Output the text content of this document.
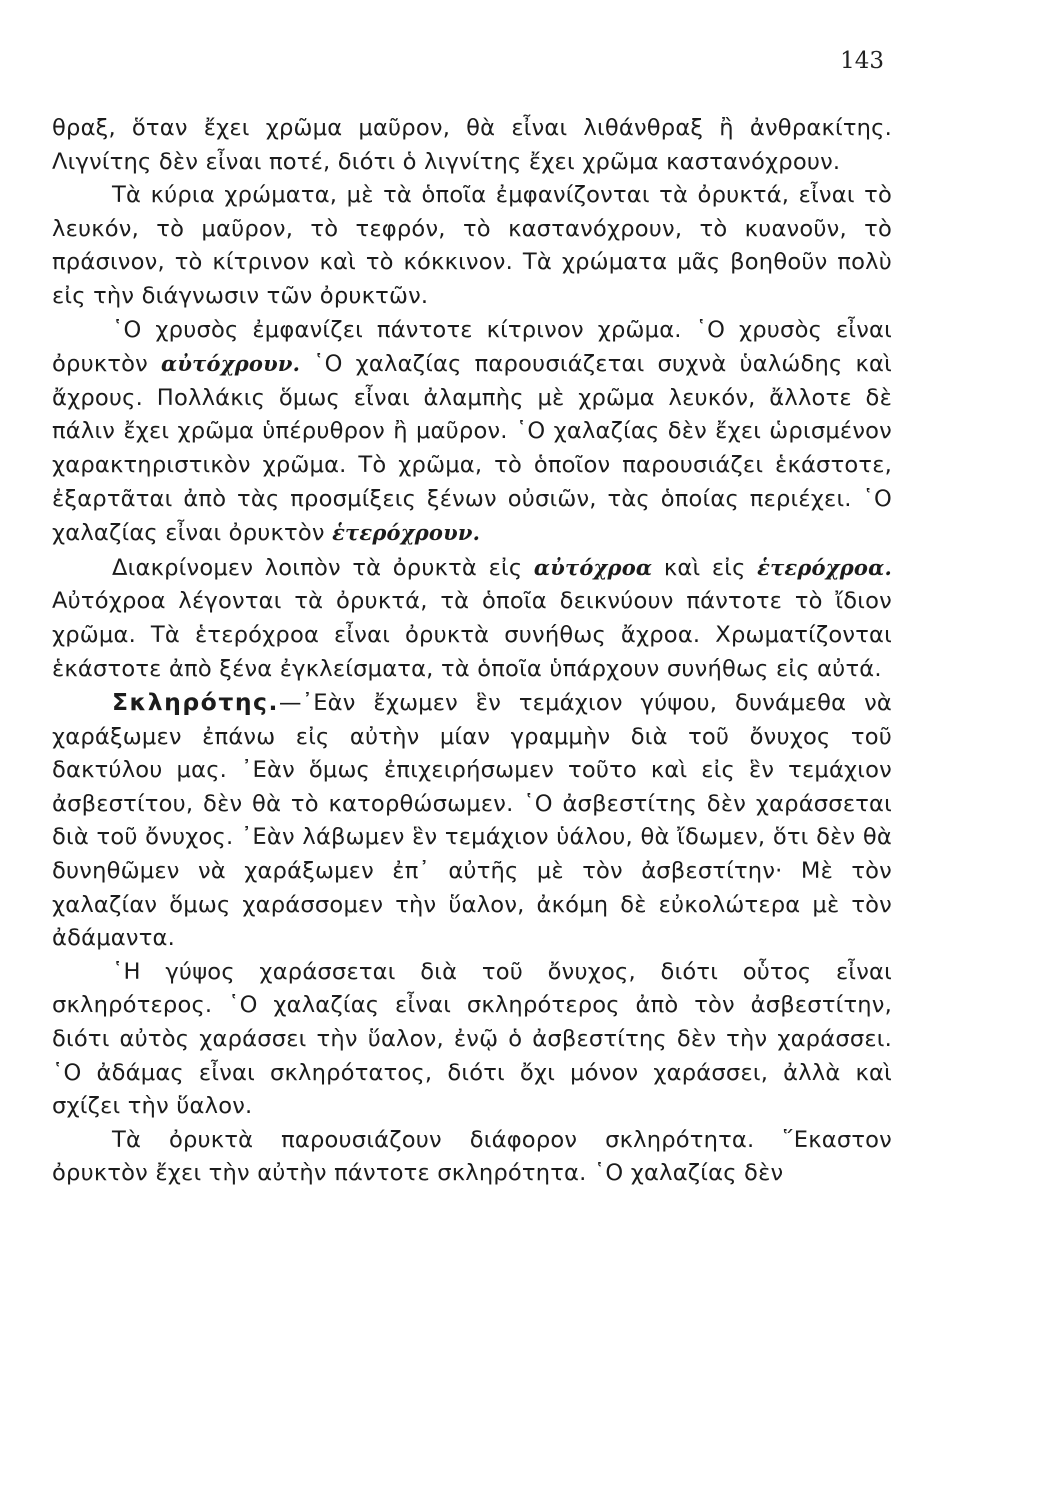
143

θραξ, ὅταν ἔχει χρῶμα μαῦρον, θὰ εἶναι λιθάνθραξ ἢ ἀνθρακίτης. Λιγνίτης δὲν εἶναι ποτέ, διότι ὁ λιγνίτης ἔχει χρῶμα καστανόχρουν.

Τὰ κύρια χρώματα, μὲ τὰ ὁποῖα ἐμφανίζονται τὰ ὀρυκτά, εἶναι τὸ λευκόν, τὸ μαῦρον, τὸ τεφρόν, τὸ καστανόχρουν, τὸ κυανοῦν, τὸ πράσινον, τὸ κίτρινον καὶ τὸ κόκκινον. Τὰ χρώματα μᾶς βοηθοῦν πολὺ εἰς τὴν διάγνωσιν τῶν ὀρυκτῶν.

῾Ο χρυσὸς ἐμφανίζει πάντοτε κίτρινον χρῶμα. ῾Ο χρυσὸς εἶναι ὀρυκτὸν αὐτόχρουν. ῾Ο χαλαζίας παρουσιάζεται συχνὰ ὑαλώδης καὶ ἄχρους. Πολλάκις ὅμως εἶναι ἀλαμπὴς μὲ χρῶμα λευκόν, ἄλλοτε δὲ πάλιν ἔχει χρῶμα ὑπέρυθρον ἢ μαῦρον. ῾Ο χαλαζίας δὲν ἔχει ὡρισμένον χαρακτηριστικὸν χρῶμα. Τὸ χρῶμα, τὸ ὁποῖον παρουσιάζει ἑκάστοτε, ἐξαρτᾶται ἀπὸ τὰς προσμίξεις ξένων οὐσιῶν, τὰς ὁποίας περιέχει. ῾Ο χαλαζίας εἶναι ὀρυκτὸν ἑτερόχρουν.

Διακρίνομεν λοιπὸν τὰ ὀρυκτὰ εἰς αὐτόχροα καὶ εἰς ἑτερόχροα. Αὐτόχροα λέγονται τὰ ὀρυκτά, τὰ ὁποῖα δεικνύουν πάντοτε τὸ ἴδιον χρῶμα. Τὰ ἑτερόχροα εἶναι ὀρυκτὰ συνήθως ἄχροα. Χρωματίζονται ἑκάστοτε ἀπὸ ξένα ἐγκλείσματα, τὰ ὁποῖα ὑπάρχουν συνήθως εἰς αὐτά.

Σκληρότης.—᾿Εὰν ἔχωμεν ἓν τεμάχιον γύψου, δυνάμεθα νὰ χαράξωμεν ἐπάνω εἰς αὐτὴν μίαν γραμμὴν διὰ τοῦ ὄνυχος τοῦ δακτύλου μας. ᾿Εὰν ὅμως ἐπιχειρήσωμεν τοῦτο καὶ εἰς ἓν τεμάχιον ἀσβεστίτου, δὲν θὰ τὸ κατορθώσωμεν. ῾Ο ἀσβεστίτης δὲν χαράσσεται διὰ τοῦ ὄνυχος. ᾿Εὰν λάβωμεν ἓν τεμάχιον ὑάλου, θὰ ἴδωμεν, ὅτι δὲν θὰ δυνηθῶμεν νὰ χαράξωμεν ἐπ᾿ αὐτῆς μὲ τὸν ἀσβεστίτην· Μὲ τὸν χαλαζίαν ὅμως χαράσσομεν τὴν ὕαλον, ἀκόμη δὲ εὐκολώτερα μὲ τὸν ἀδάμαντα.

῾Η γύψος χαράσσεται διὰ τοῦ ὄνυχος, διότι οὗτος εἶναι σκληρότερος. ῾Ο χαλαζίας εἶναι σκληρότερος ἀπὸ τὸν ἀσβεστίτην, διότι αὐτὸς χαράσσει τὴν ὕαλον, ἐνῷ ὁ ἀσβεστίτης δὲν τὴν χαράσσει. ῾Ο ἀδάμας εἶναι σκληρότατος, διότι ὄχι μόνον χαράσσει, ἀλλὰ καὶ σχίζει τὴν ὕαλον.

Τὰ ὀρυκτὰ παρουσιάζουν διάφορον σκληρότητα. ῞Εκαστον ὀρυκτὸν ἔχει τὴν αὐτὴν πάντοτε σκληρότητα. ῾Ο χαλαζίας δὲν
